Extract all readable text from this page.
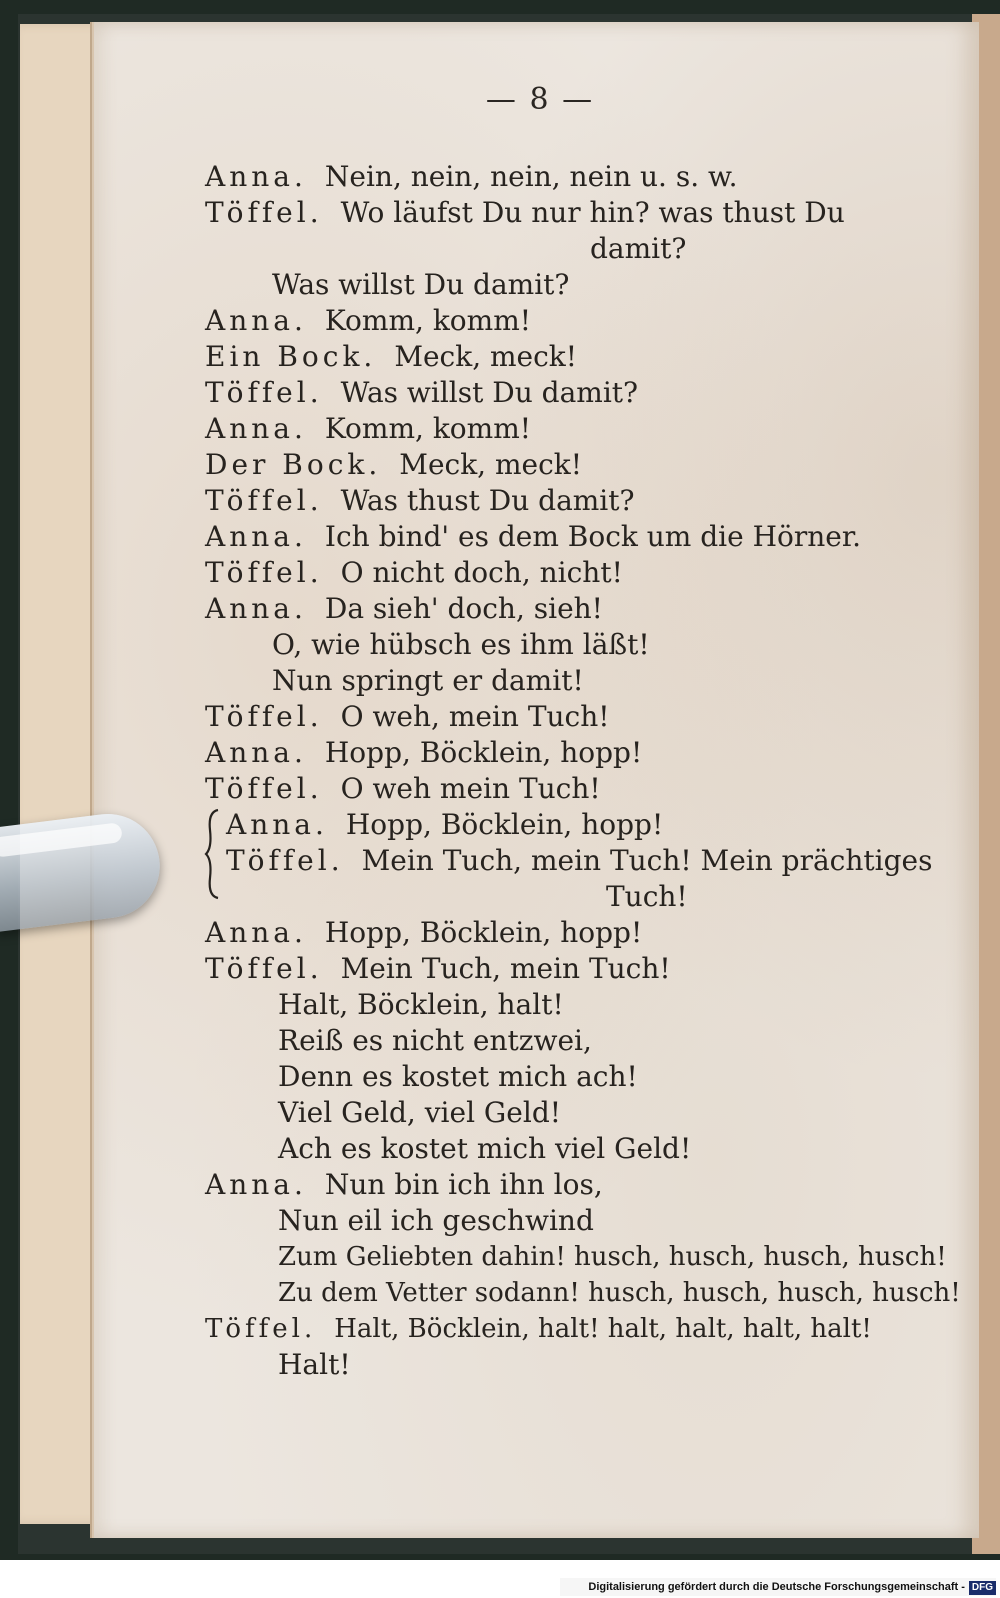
— 8 —
Anna. Nein, nein, nein, nein u. s. w.
Töffel. Wo läufst Du nur hin? was thust Du
damit?
Was willst Du damit?
Anna. Komm, komm!
Ein Bock. Meck, meck!
Töffel. Was willst Du damit?
Anna. Komm, komm!
Der Bock. Meck, meck!
Töffel. Was thust Du damit?
Anna. Ich bind' es dem Bock um die Hörner.
Töffel. O nicht doch, nicht!
Anna. Da sieh' doch, sieh!
O, wie hübsch es ihm läßt!
Nun springt er damit!
Töffel. O weh, mein Tuch!
Anna. Hopp, Böcklein, hopp!
Töffel. O weh mein Tuch!
Anna. Hopp, Böcklein, hopp!
Töffel. Mein Tuch, mein Tuch! Mein prächtiges
Tuch!
Anna. Hopp, Böcklein, hopp!
Töffel. Mein Tuch, mein Tuch!
Halt, Böcklein, halt!
Reiß es nicht entzwei,
Denn es kostet mich ach!
Viel Geld, viel Geld!
Ach es kostet mich viel Geld!
Anna. Nun bin ich ihn los,
Nun eil ich geschwind
Zum Geliebten dahin! husch, husch, husch, husch!
Zu dem Vetter sodann! husch, husch, husch, husch!
Töffel. Halt, Böcklein, halt! halt, halt, halt, halt!
Halt!
Digitalisierung gefördert durch die Deutsche Forschungsgemeinschaft - DFG
